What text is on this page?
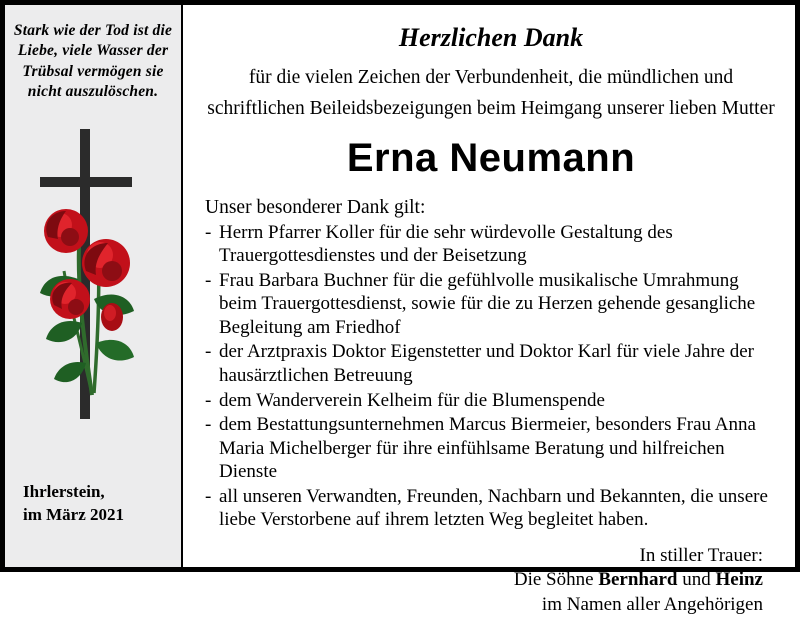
Stark wie der Tod ist die Liebe, viele Wasser der Trübsal vermögen sie nicht auszulöschen.
Ihrlerstein,
im März 2021
Herzlichen Dank
für die vielen Zeichen der Verbundenheit, die mündlichen und
schriftlichen Beileidsbezeigungen beim Heimgang unserer lieben Mutter
Erna Neumann
Unser besonderer Dank gilt:
- Herrn Pfarrer Koller für die sehr würdevolle Gestaltung des Trauergottesdienstes und der Beisetzung
- Frau Barbara Buchner für die gefühlvolle musikalische Umrahmung beim Trauergottesdienst, sowie für die zu Herzen gehende gesangliche Begleitung am Friedhof
- der Arztpraxis Doktor Eigenstetter und Doktor Karl für viele Jahre der hausärztlichen Betreuung
- dem Wanderverein Kelheim für die Blumenspende
- dem Bestattungsunternehmen Marcus Biermeier, besonders Frau Anna Maria Michelberger für ihre einfühlsame Beratung und hilfreichen Dienste
- all unseren Verwandten, Freunden, Nachbarn und Bekannten, die unsere liebe Verstorbene auf ihrem letzten Weg begleitet haben.
In stiller Trauer:
Die Söhne Bernhard und Heinz
im Namen aller Angehörigen
